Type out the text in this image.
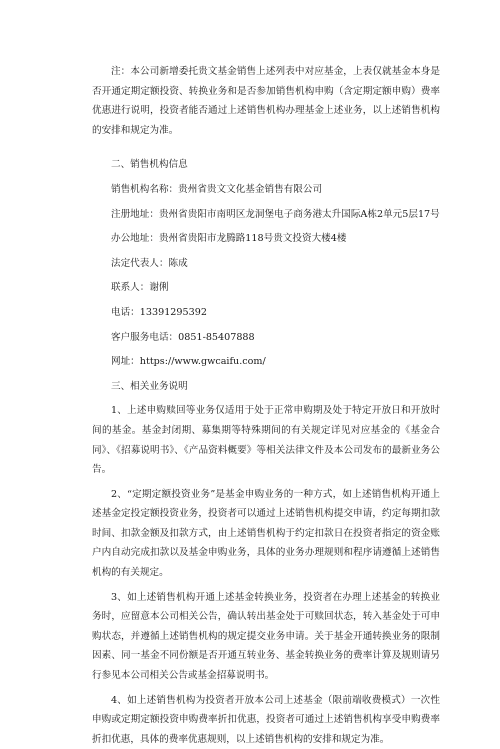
注：本公司新增委托贵文基金销售上述列表中对应基金，上表仅就基金本身是否开通定期定额投资、转换业务和是否参加销售机构申购（含定期定额申购）费率优惠进行说明，投资者能否通过上述销售机构办理基金上述业务，以上述销售机构的安排和规定为准。

二、销售机构信息

销售机构名称：贵州省贵文文化基金销售有限公司

注册地址：贵州省贵阳市南明区龙洞堡电子商务港太升国际A栋2单元5层17号

办公地址：贵州省贵阳市龙腾路118号贵文投资大楼4楼

法定代表人：陈成

联系人：谢俐

电话：13391295392

客户服务电话：0851-85407888

网址：https://www.gwcaifu.com/

三、相关业务说明

1、上述申购赎回等业务仅适用于处于正常申购期及处于特定开放日和开放时间的基金。基金封闭期、募集期等特殊期间的有关规定详见对应基金的《基金合同》、《招募说明书》、《产品资料概要》等相关法律文件及本公司发布的最新业务公告。

2、“定期定额投资业务”是基金申购业务的一种方式，如上述销售机构开通上述基金定投定额投资业务，投资者可以通过上述销售机构提交申请，约定每期扣款时间、扣款金额及扣款方式，由上述销售机构于约定扣款日在投资者指定的资金账户内自动完成扣款以及基金申购业务，具体的业务办理规则和程序请遵循上述销售机构的有关规定。

3、如上述销售机构开通上述基金转换业务，投资者在办理上述基金的转换业务时，应留意本公司相关公告，确认转出基金处于可赎回状态，转入基金处于可申购状态，并遵循上述销售机构的规定提交业务申请。关于基金开通转换业务的限制因素、同一基金不同份额是否开通互转业务、基金转换业务的费率计算及规则请另行参见本公司相关公告或基金招募说明书。

4、如上述销售机构为投资者开放本公司上述基金（限前端收费模式）一次性申购或定期定额投资申购费率折扣优惠，投资者可通过上述销售机构享受申购费率折扣优惠，具体的费率优惠规则，以上述销售机构的安排和规定为准。
